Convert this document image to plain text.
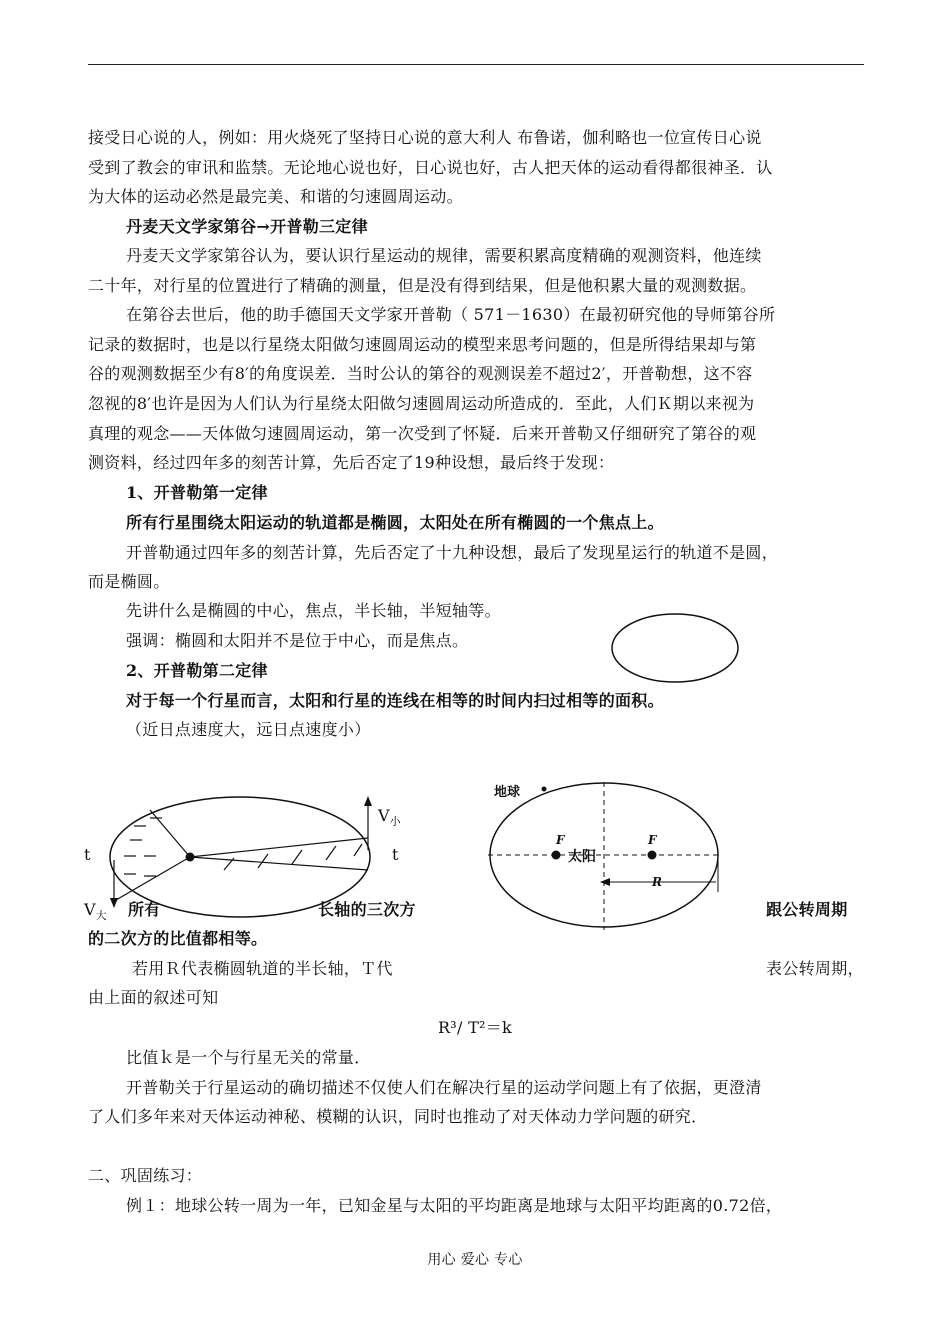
接受日心说的人，例如：用火烧死了坚持日心说的意大利人 布鲁诺，伽利略也一位宣传日心说
受到了教会的审讯和监禁。无论地心说也好，日心说也好，古人把天体的运动看得都很神圣．认
为大体的运动必然是最完美、和谐的匀速圆周运动。
丹麦天文学家第谷→开普勒三定律
丹麦天文学家第谷认为，要认识行星运动的规律，需要积累高度精确的观测资料，他连续
二十年，对行星的位置进行了精确的测量，但是没有得到结果，但是他积累大量的观测数据。
在第谷去世后，他的助手德国天文学家开普勒（ 571－1630）在最初研究他的导师第谷所
记录的数据时，也是以行星绕太阳做匀速圆周运动的模型来思考问题的，但是所得结果却与第
谷的观测数据至少有8′的角度误差．当时公认的第谷的观测误差不超过2′，开普勒想，这不容
忽视的8′也许是因为人们认为行星绕太阳做匀速圆周运动所造成的．至此，人们Ｋ期以来视为
真理的观念——天体做匀速圆周运动，第一次受到了怀疑．后来开普勒又仔细研究了第谷的观
测资料，经过四年多的刻苦计算，先后否定了19种设想，最后终于发现：
1、开普勒第一定律
所有行星围绕太阳运动的轨道都是椭圆，太阳处在所有椭圆的一个焦点上。
开普勒通过四年多的刻苦计算，先后否定了十九种设想，最后了发现星运行的轨道不是圆，
而是椭圆。
先讲什么是椭圆的中心，焦点，半长轴，半短轴等。
强调：椭圆和太阳并不是位于中心，而是焦点。
2、开普勒第二定律
对于每一个行星而言，太阳和行星的连线在相等的时间内扫过相等的面积。
（近日点速度大，远日点速度小）
$V_小$
t	t
$V_大$
地球
F	F
太阳
R
所有	长轴的三次方	跟公转周期
的二次方的比值都相等。
若用Ｒ代表椭圆轨道的半长轴，Ｔ代	表公转周期，
由上面的叙述可知
R³/ T²＝k
比值ｋ是一个与行星无关的常量．
开普勒关于行星运动的确切描述不仅使人们在解决行星的运动学问题上有了依据，更澄清
了人们多年来对天体运动神秘、模糊的认识，同时也推动了对天体动力学问题的研究．
二、巩固练习：
例１：地球公转一周为一年，已知金星与太阳的平均距离是地球与太阳平均距离的0.72倍，
用心 爱心 专心
